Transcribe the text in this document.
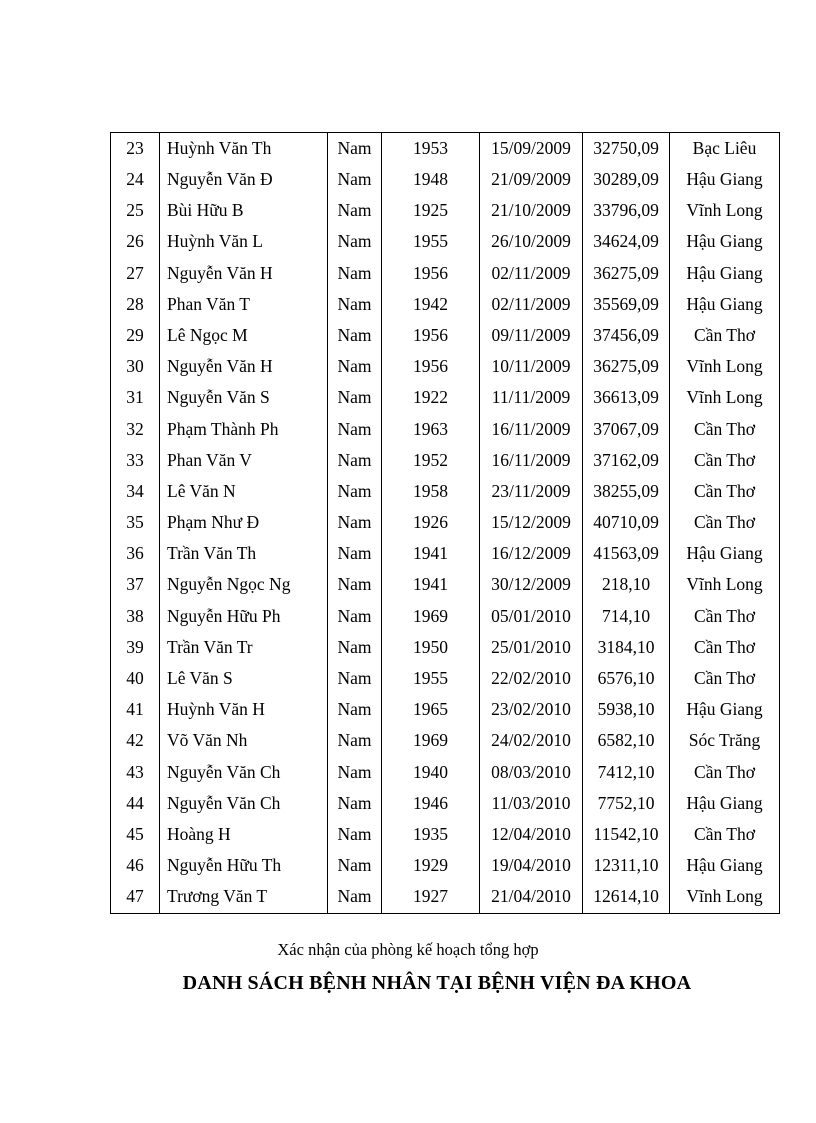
23	Huỳnh Văn Th	Nam	1953	15/09/2009	32750,09	Bạc Liêu
24	Nguyễn Văn Đ	Nam	1948	21/09/2009	30289,09	Hậu Giang
25	Bùi Hữu B	Nam	1925	21/10/2009	33796,09	Vĩnh Long
26	Huỳnh Văn L	Nam	1955	26/10/2009	34624,09	Hậu Giang
27	Nguyễn Văn H	Nam	1956	02/11/2009	36275,09	Hậu Giang
28	Phan Văn T	Nam	1942	02/11/2009	35569,09	Hậu Giang
29	Lê Ngọc M	Nam	1956	09/11/2009	37456,09	Cần Thơ
30	Nguyễn Văn H	Nam	1956	10/11/2009	36275,09	Vĩnh Long
31	Nguyễn Văn S	Nam	1922	11/11/2009	36613,09	Vĩnh Long
32	Phạm Thành Ph	Nam	1963	16/11/2009	37067,09	Cần Thơ
33	Phan Văn V	Nam	1952	16/11/2009	37162,09	Cần Thơ
34	Lê Văn N	Nam	1958	23/11/2009	38255,09	Cần Thơ
35	Phạm Như Đ	Nam	1926	15/12/2009	40710,09	Cần Thơ
36	Trần Văn Th	Nam	1941	16/12/2009	41563,09	Hậu Giang
37	Nguyễn Ngọc Ng	Nam	1941	30/12/2009	218,10	Vĩnh Long
38	Nguyễn Hữu Ph	Nam	1969	05/01/2010	714,10	Cần Thơ
39	Trần Văn Tr	Nam	1950	25/01/2010	3184,10	Cần Thơ
40	Lê Văn S	Nam	1955	22/02/2010	6576,10	Cần Thơ
41	Huỳnh Văn H	Nam	1965	23/02/2010	5938,10	Hậu Giang
42	Võ Văn Nh	Nam	1969	24/02/2010	6582,10	Sóc Trăng
43	Nguyễn Văn Ch	Nam	1940	08/03/2010	7412,10	Cần Thơ
44	Nguyễn Văn Ch	Nam	1946	11/03/2010	7752,10	Hậu Giang
45	Hoàng H	Nam	1935	12/04/2010	11542,10	Cần Thơ
46	Nguyễn Hữu Th	Nam	1929	19/04/2010	12311,10	Hậu Giang
47	Trương Văn T	Nam	1927	21/04/2010	12614,10	Vĩnh Long
Xác nhận của phòng kế hoạch tổng hợp
DANH SÁCH BỆNH NHÂN TẠI BỆNH VIỆN ĐA KHOA
